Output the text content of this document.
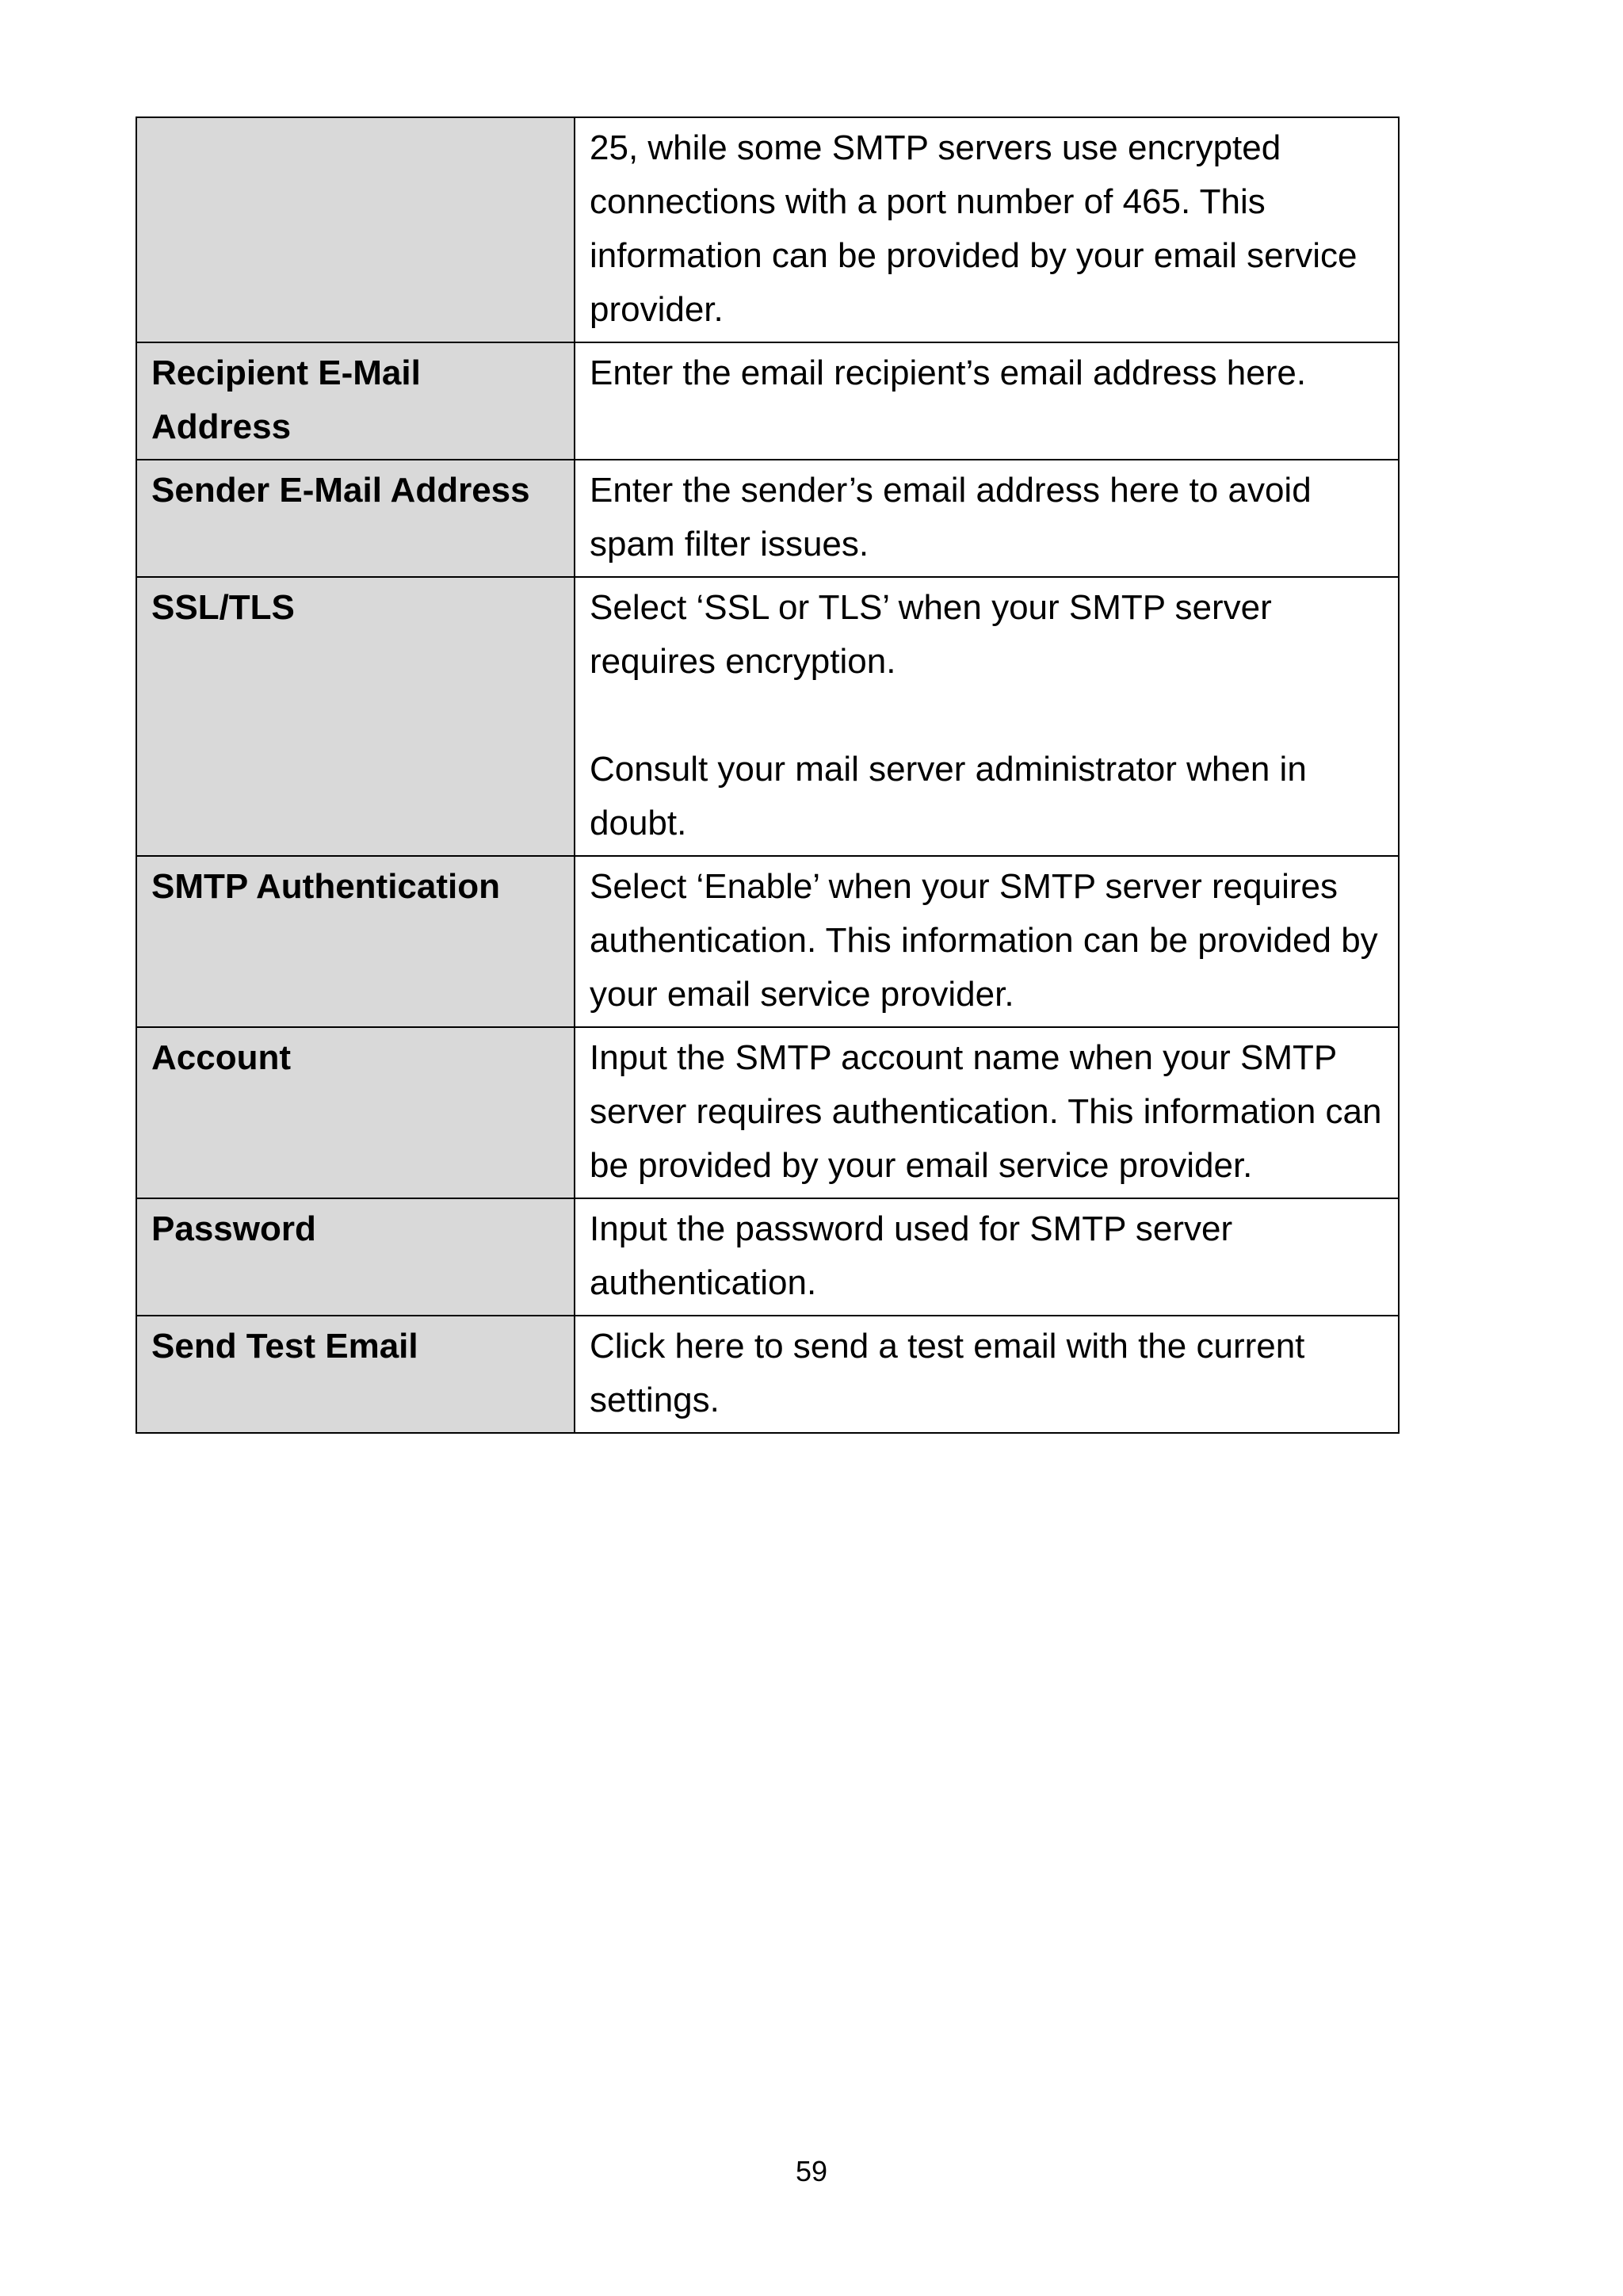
	25, while some SMTP servers use encrypted connections with a port number of 465. This information can be provided by your email service provider.

Recipient E-Mail Address	Enter the email recipient’s email address here.

Sender E-Mail Address	Enter the sender’s email address here to avoid spam filter issues.

SSL/TLS	Select ‘SSL or TLS’ when your SMTP server requires encryption.
Consult your mail server administrator when in doubt.

SMTP Authentication	Select ‘Enable’ when your SMTP server requires authentication. This information can be provided by your email service provider.

Account	Input the SMTP account name when your SMTP server requires authentication. This information can be provided by your email service provider.

Password	Input the password used for SMTP server authentication.

Send Test Email	Click here to send a test email with the current settings.
59
